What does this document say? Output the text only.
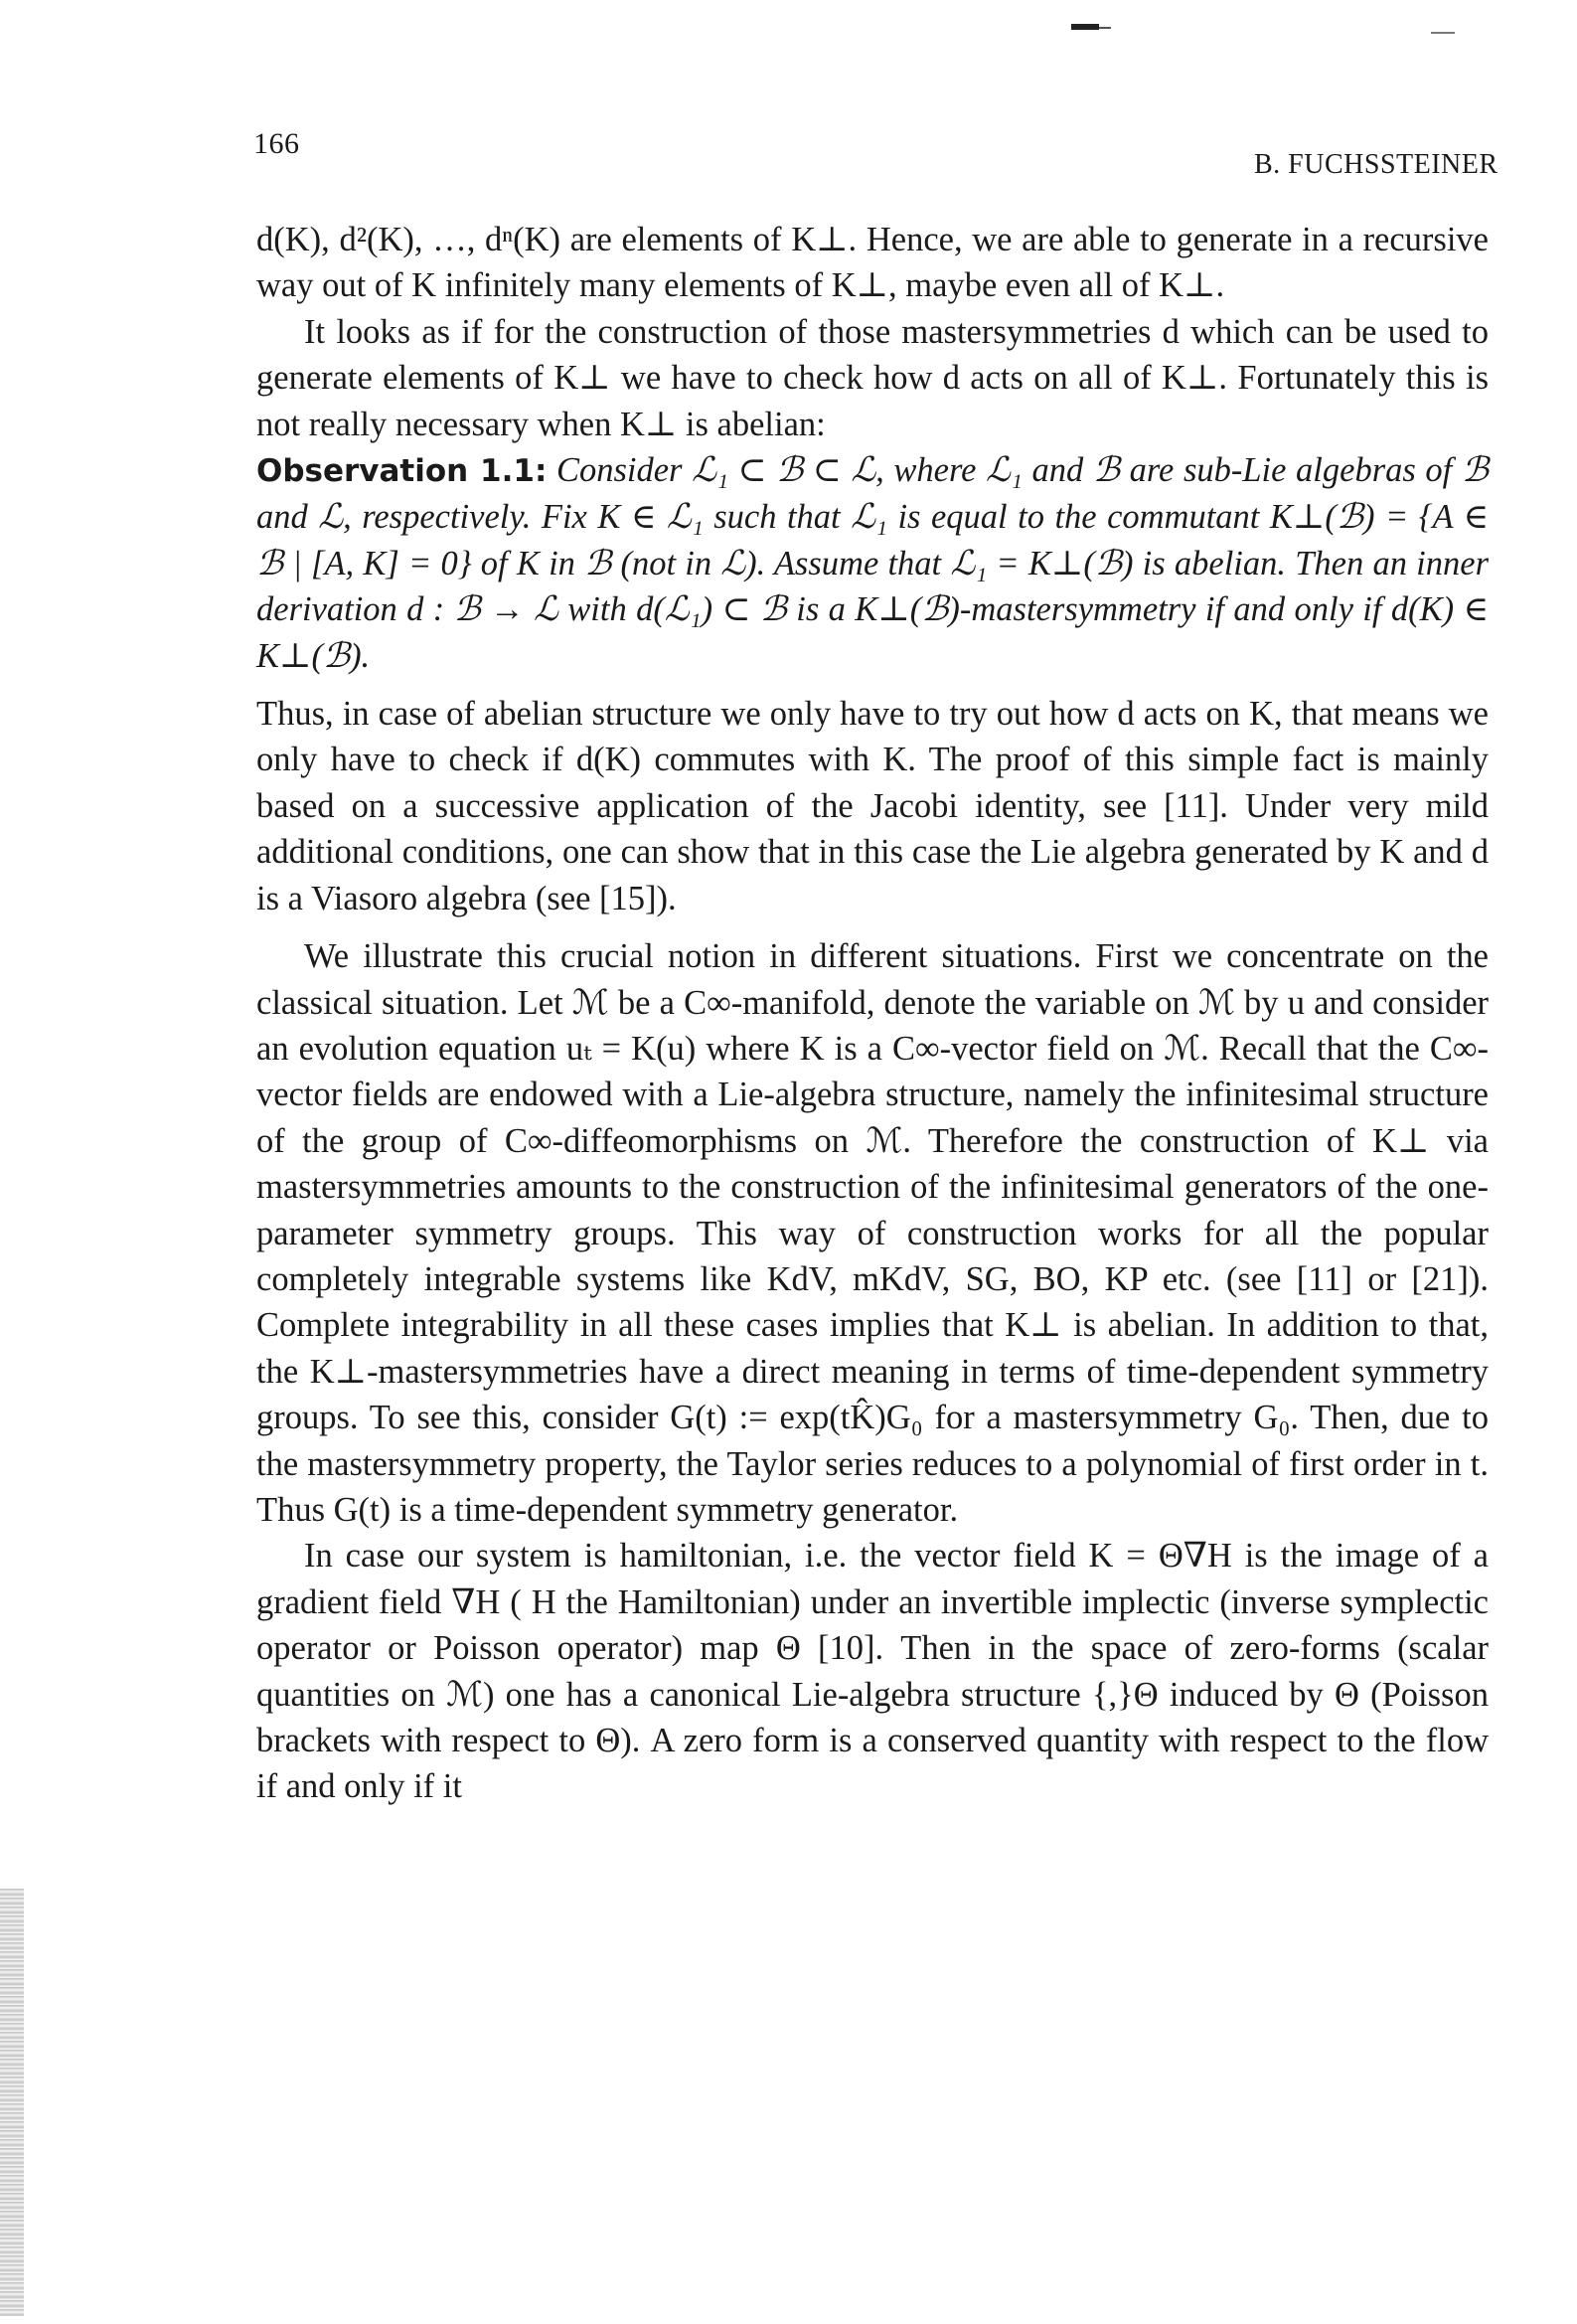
166
B. FUCHSSTEINER

d(K), d²(K), …, dⁿ(K) are elements of K⊥. Hence, we are able to generate in a recursive way out of K infinitely many elements of K⊥, maybe even all of K⊥.

It looks as if for the construction of those mastersymmetries d which can be used to generate elements of K⊥ we have to check how d acts on all of K⊥. Fortunately this is not really necessary when K⊥ is abelian:

Observation 1.1: Consider ℒ₁ ⊂ ℬ ⊂ ℒ, where ℒ₁ and ℬ are sub-Lie algebras of ℬ and ℒ, respectively. Fix K ∈ ℒ₁ such that ℒ₁ is equal to the commutant K⊥(ℬ) = {A ∈ ℬ | [A, K] = 0} of K in ℬ (not in ℒ). Assume that ℒ₁ = K⊥(ℬ) is abelian. Then an inner derivation d : ℬ → ℒ with d(ℒ₁) ⊂ ℬ is a K⊥(ℬ)-mastersymmetry if and only if d(K) ∈ K⊥(ℬ).

Thus, in case of abelian structure we only have to try out how d acts on K, that means we only have to check if d(K) commutes with K. The proof of this simple fact is mainly based on a successive application of the Jacobi identity, see [11]. Under very mild additional conditions, one can show that in this case the Lie algebra generated by K and d is a Viasoro algebra (see [15]).

We illustrate this crucial notion in different situations. First we concentrate on the classical situation. Let ℳ be a C∞-manifold, denote the variable on ℳ by u and consider an evolution equation uₜ = K(u) where K is a C∞-vector field on ℳ. Recall that the C∞-vector fields are endowed with a Lie-algebra structure, namely the infinitesimal structure of the group of C∞-diffeomorphisms on ℳ. Therefore the construction of K⊥ via mastersymmetries amounts to the construction of the infinitesimal generators of the one-parameter symmetry groups. This way of construction works for all the popular completely integrable systems like KdV, mKdV, SG, BO, KP etc. (see [11] or [21]). Complete integrability in all these cases implies that K⊥ is abelian. In addition to that, the K⊥-mastersymmetries have a direct meaning in terms of time-dependent symmetry groups. To see this, consider G(t) := exp(tK̂)G₀ for a mastersymmetry G₀. Then, due to the mastersymmetry property, the Taylor series reduces to a polynomial of first order in t. Thus G(t) is a time-dependent symmetry generator.

In case our system is hamiltonian, i.e. the vector field K = Θ∇H is the image of a gradient field ∇H ( H the Hamiltonian) under an invertible implectic (inverse symplectic operator or Poisson operator) map Θ [10]. Then in the space of zero-forms (scalar quantities on ℳ) one has a canonical Lie-algebra structure {,}Θ induced by Θ (Poisson brackets with respect to Θ). A zero form is a conserved quantity with respect to the flow if and only if it
